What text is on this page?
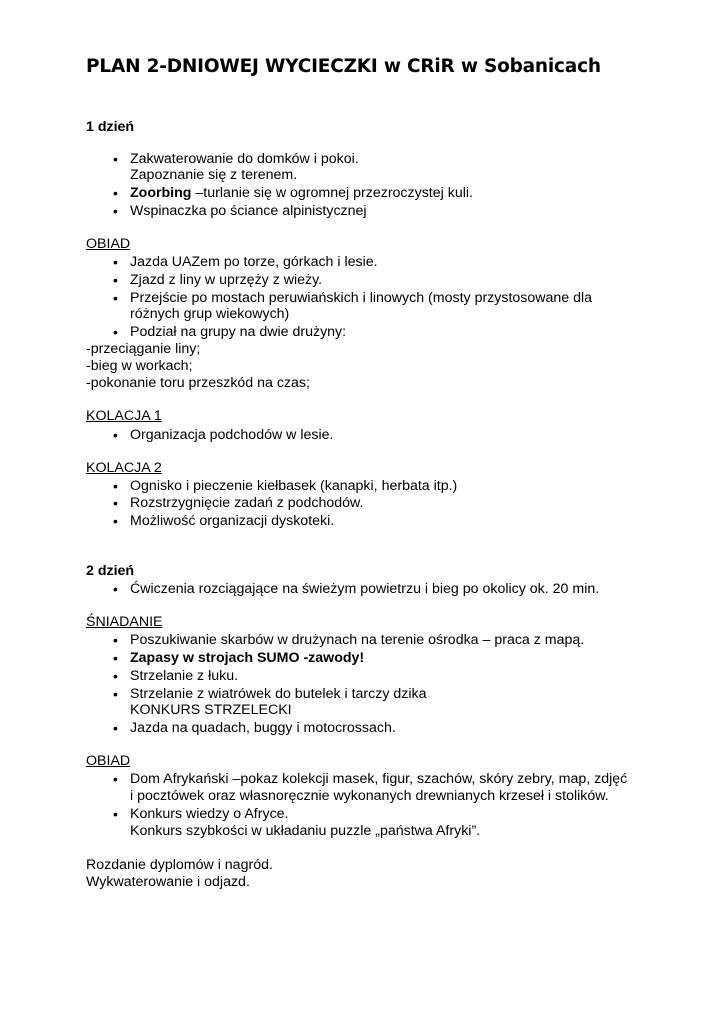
PLAN 2-DNIOWEJ WYCIECZKI w CRiR w Sobanicach
1 dzień
• Zakwaterowanie do domków i pokoi.
Zapoznanie się z terenem.
• Zoorbing –turlanie się w ogromnej przezroczystej kuli.
• Wspinaczka po ściance alpinistycznej
OBIAD
• Jazda UAZem po torze, górkach i lesie.
• Zjazd z liny w uprzęży z wieży.
• Przejście po mostach peruwiańskich i linowych (mosty przystosowane dla
różnych grup wiekowych)
• Podział na grupy na dwie drużyny:
-przeciąganie liny;
-bieg w workach;
-pokonanie toru przeszkód na czas;
KOLACJA 1
• Organizacja podchodów w lesie.
KOLACJA 2
• Ognisko i pieczenie kiełbasek (kanapki, herbata itp.)
• Rozstrzygnięcie zadań z podchodów.
• Możliwość organizacji dyskoteki.
2 dzień
• Ćwiczenia rozciągające na świeżym powietrzu i bieg po okolicy ok. 20 min.
ŚNIADANIE
• Poszukiwanie skarbów w drużynach na terenie ośrodka – praca z mapą.
• Zapasy w strojach SUMO -zawody!
• Strzelanie z łuku.
• Strzelanie z wiatrówek do butelek i tarczy dzika
KONKURS STRZELECKI
• Jazda na quadach, buggy i motocrossach.
OBIAD
• Dom Afrykański –pokaz kolekcji masek, figur, szachów, skóry zebry, map, zdjęć
i pocztówek oraz własnoręcznie wykonanych drewnianych krzeseł i stolików.
• Konkurs wiedzy o Afryce.
Konkurs szybkości w układaniu puzzle „państwa Afryki”.
Rozdanie dyplomów i nagród.
Wykwaterowanie i odjazd.
